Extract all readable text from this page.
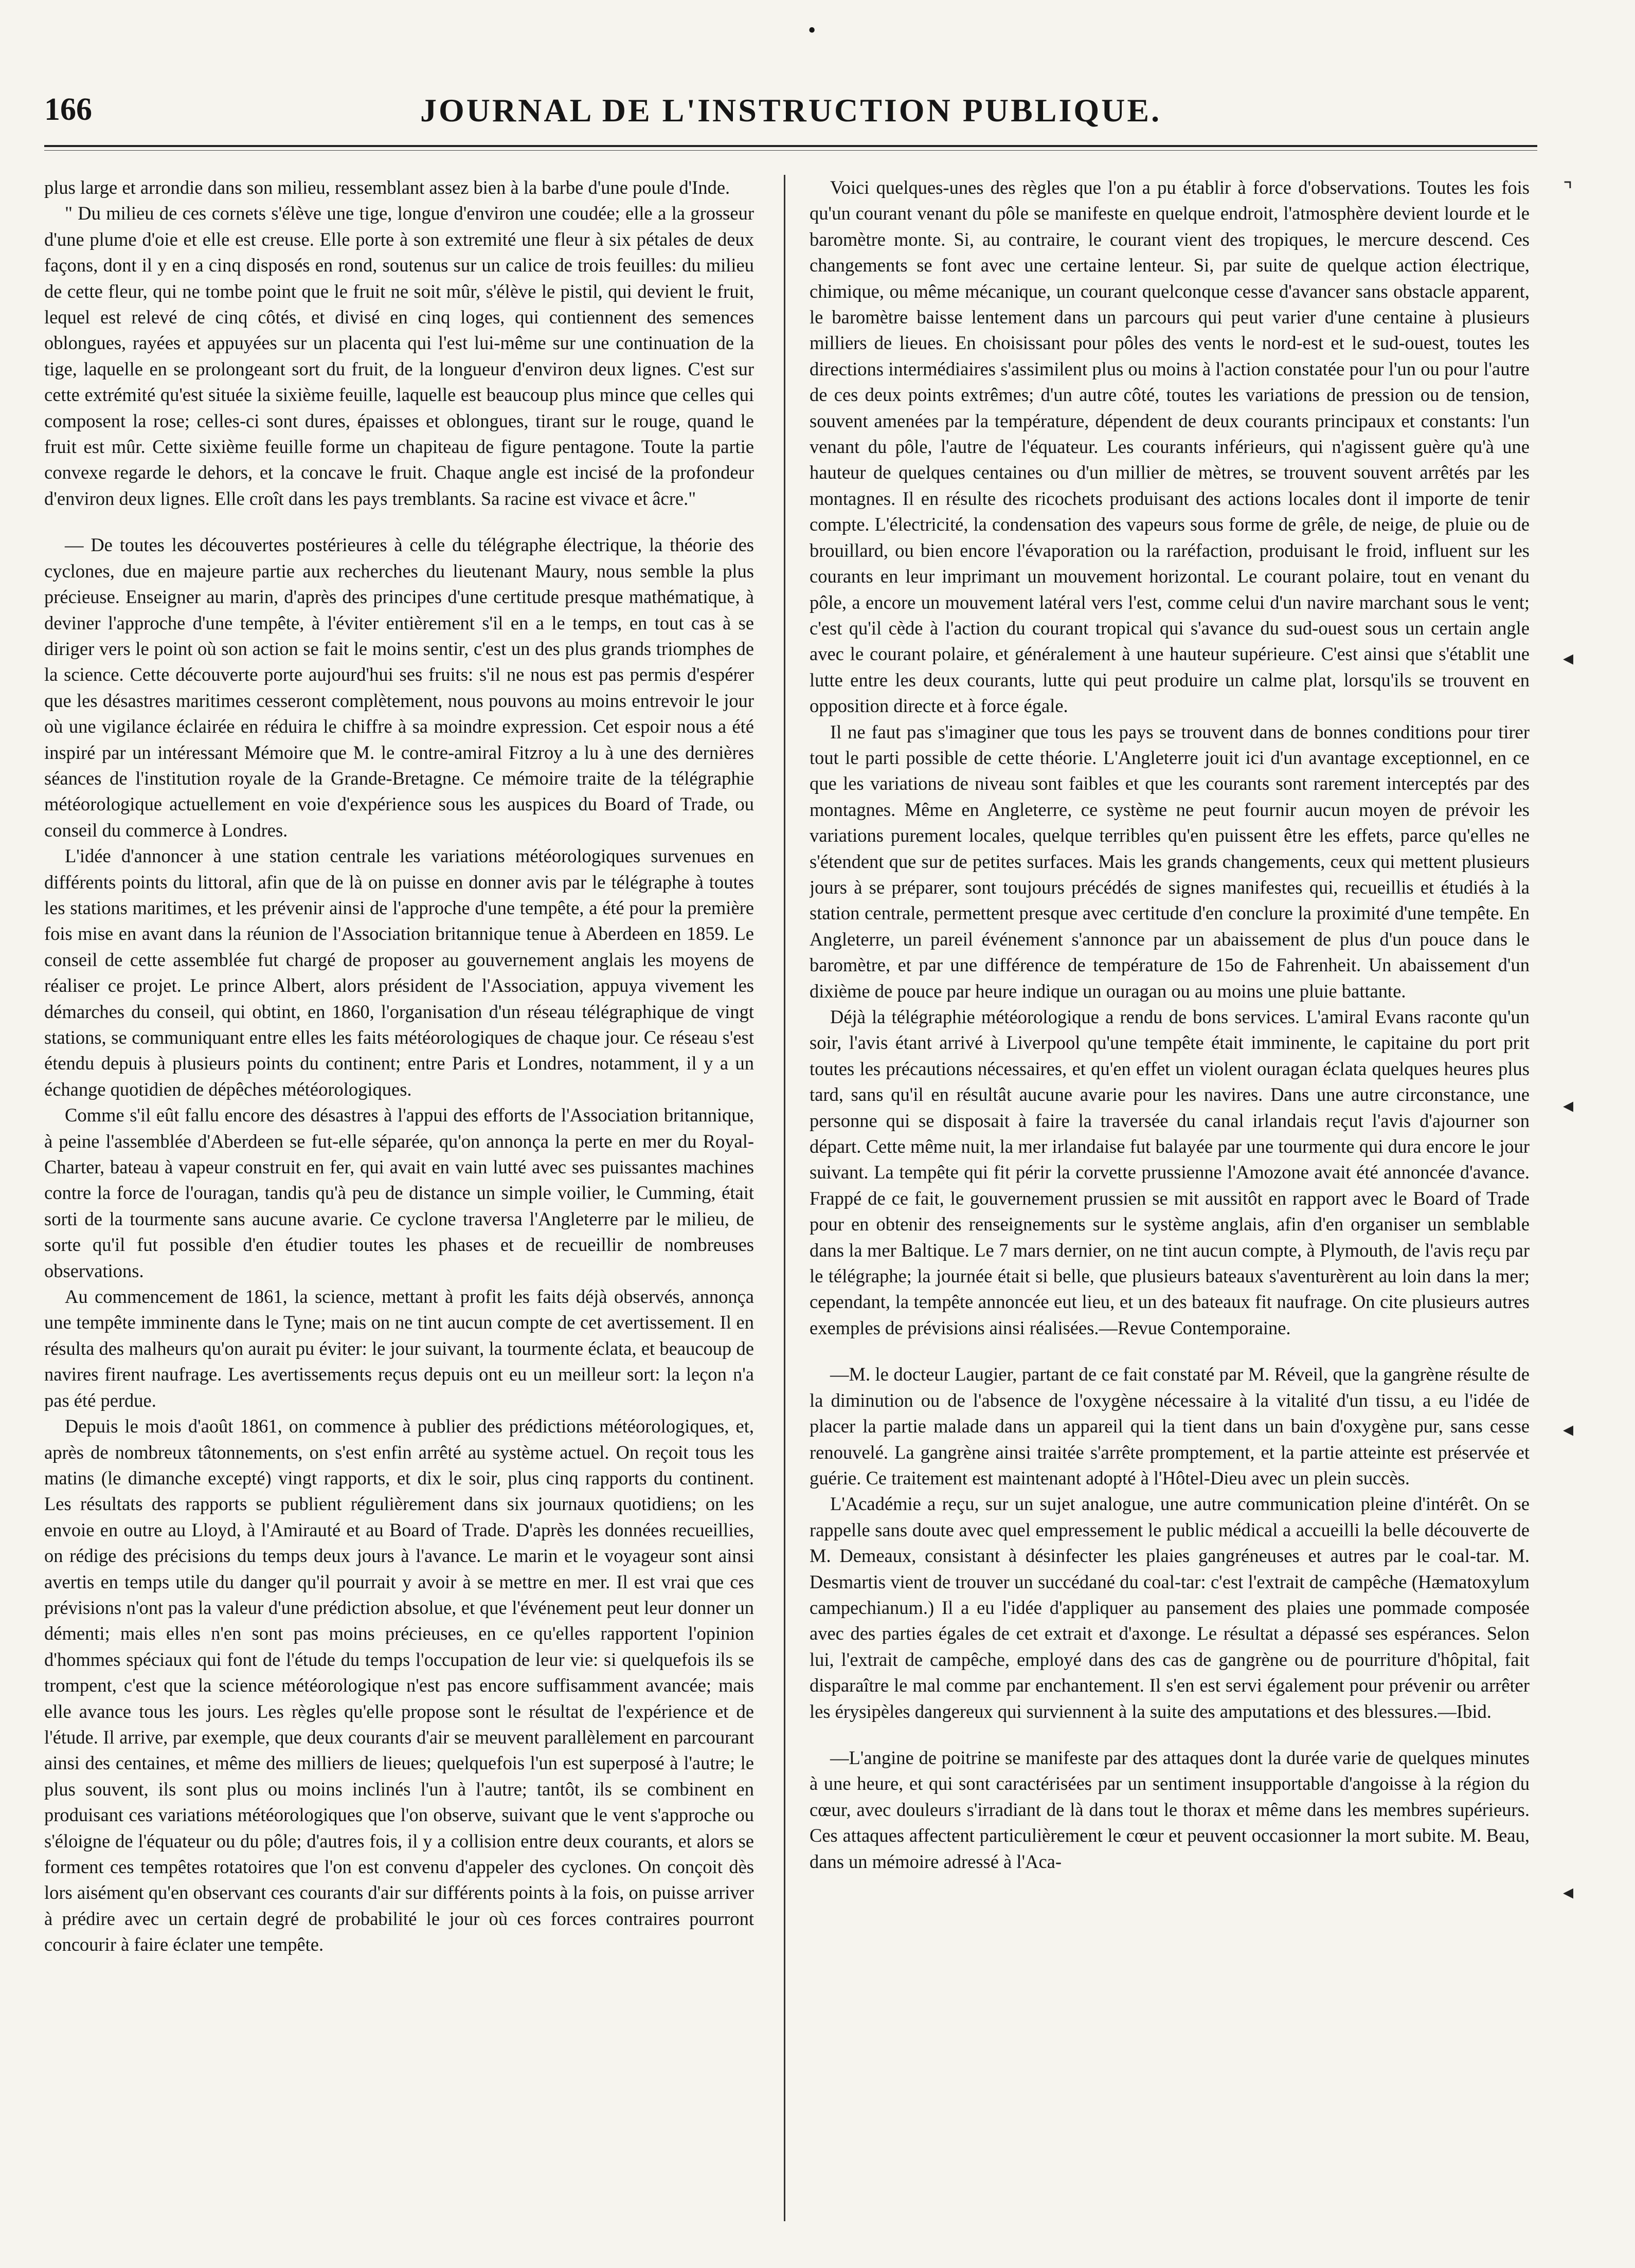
•
166	JOURNAL DE L'INSTRUCTION PUBLIQUE.

plus large et arrondie dans son milieu, ressemblant assez bien à la barbe d'une poule d'Inde.

" Du milieu de ces cornets s'élève une tige, longue d'environ une coudée; elle a la grosseur d'une plume d'oie et elle est creuse. Elle porte à son extremité une fleur à six pétales de deux façons, dont il y en a cinq disposés en rond, soutenus sur un calice de trois feuilles: du milieu de cette fleur, qui ne tombe point que le fruit ne soit mûr, s'élève le pistil, qui devient le fruit, lequel est relevé de cinq côtés, et divisé en cinq loges, qui contiennent des semences oblongues, rayées et appuyées sur un placenta qui l'est lui-même sur une continuation de la tige, laquelle en se prolongeant sort du fruit, de la longueur d'environ deux lignes. C'est sur cette extrémité qu'est située la sixième feuille, laquelle est beaucoup plus mince que celles qui composent la rose; celles-ci sont dures, épaisses et oblongues, tirant sur le rouge, quand le fruit est mûr. Cette sixième feuille forme un chapiteau de figure pentagone. Toute la partie convexe regarde le dehors, et la concave le fruit. Chaque angle est incisé de la profondeur d'environ deux lignes. Elle croît dans les pays tremblants. Sa racine est vivace et âcre."

— De toutes les découvertes postérieures à celle du télégraphe électrique, la théorie des cyclones, due en majeure partie aux recherches du lieutenant Maury, nous semble la plus précieuse. Enseigner au marin, d'après des principes d'une certitude presque mathématique, à deviner l'approche d'une tempête, à l'éviter entièrement s'il en a le temps, en tout cas à se diriger vers le point où son action se fait le moins sentir, c'est un des plus grands triomphes de la science. Cette découverte porte aujourd'hui ses fruits: s'il ne nous est pas permis d'espérer que les désastres maritimes cesseront complètement, nous pouvons au moins entrevoir le jour où une vigilance éclairée en réduira le chiffre à sa moindre expression. Cet espoir nous a été inspiré par un intéressant Mémoire que M. le contre-amiral Fitzroy a lu à une des dernières séances de l'institution royale de la Grande-Bretagne. Ce mémoire traite de la télégraphie météorologique actuellement en voie d'expérience sous les auspices du Board of Trade, ou conseil du commerce à Londres.

L'idée d'annoncer à une station centrale les variations météorologiques survenues en différents points du littoral, afin que de là on puisse en donner avis par le télégraphe à toutes les stations maritimes, et les prévenir ainsi de l'approche d'une tempête, a été pour la première fois mise en avant dans la réunion de l'Association britannique tenue à Aberdeen en 1859. Le conseil de cette assemblée fut chargé de proposer au gouvernement anglais les moyens de réaliser ce projet. Le prince Albert, alors président de l'Association, appuya vivement les démarches du conseil, qui obtint, en 1860, l'organisation d'un réseau télégraphique de vingt stations, se communiquant entre elles les faits météorologiques de chaque jour. Ce réseau s'est étendu depuis à plusieurs points du continent; entre Paris et Londres, notamment, il y a un échange quotidien de dépêches météorologiques.

Comme s'il eût fallu encore des désastres à l'appui des efforts de l'Association britannique, à peine l'assemblée d'Aberdeen se fut-elle séparée, qu'on annonça la perte en mer du Royal-Charter, bateau à vapeur construit en fer, qui avait en vain lutté avec ses puissantes machines contre la force de l'ouragan, tandis qu'à peu de distance un simple voilier, le Cumming, était sorti de la tourmente sans aucune avarie. Ce cyclone traversa l'Angleterre par le milieu, de sorte qu'il fut possible d'en étudier toutes les phases et de recueillir de nombreuses observations.

Au commencement de 1861, la science, mettant à profit les faits déjà observés, annonça une tempête imminente dans le Tyne; mais on ne tint aucun compte de cet avertissement. Il en résulta des malheurs qu'on aurait pu éviter: le jour suivant, la tourmente éclata, et beaucoup de navires firent naufrage. Les avertissements reçus depuis ont eu un meilleur sort: la leçon n'a pas été perdue.

Depuis le mois d'août 1861, on commence à publier des prédictions météorologiques, et, après de nombreux tâtonnements, on s'est enfin arrêté au système actuel. On reçoit tous les matins (le dimanche excepté) vingt rapports, et dix le soir, plus cinq rapports du continent. Les résultats des rapports se publient régulièrement dans six journaux quotidiens; on les envoie en outre au Lloyd, à l'Amirauté et au Board of Trade. D'après les données recueillies, on rédige des précisions du temps deux jours à l'avance. Le marin et le voyageur sont ainsi avertis en temps utile du danger qu'il pourrait y avoir à se mettre en mer. Il est vrai que ces prévisions n'ont pas la valeur d'une prédiction absolue, et que l'événement peut leur donner un démenti; mais elles n'en sont pas moins précieuses, en ce qu'elles rapportent l'opinion d'hommes spéciaux qui font de l'étude du temps l'occupation de leur vie: si quelquefois ils se trompent, c'est que la science météorologique n'est pas encore suffisamment avancée; mais elle avance tous les jours. Les règles qu'elle propose sont le résultat de l'expérience et de l'étude. Il arrive, par exemple, que deux courants d'air se meuvent parallèlement en parcourant ainsi des centaines, et même des milliers de lieues; quelquefois l'un est superposé à l'autre; le plus souvent, ils sont plus ou moins inclinés l'un à l'autre; tantôt, ils se combinent en produisant ces variations météorologiques que l'on observe, suivant que le vent s'approche ou s'éloigne de l'équateur ou du pôle; d'autres fois, il y a collision entre deux courants, et alors se forment ces tempêtes rotatoires que l'on est convenu d'appeler des cyclones. On conçoit dès lors aisément qu'en observant ces courants d'air sur différents points à la fois, on puisse arriver à prédire avec un certain degré de probabilité le jour où ces forces contraires pourront concourir à faire éclater une tempête.

Voici quelques-unes des règles que l'on a pu établir à force d'observations. Toutes les fois qu'un courant venant du pôle se manifeste en quelque endroit, l'atmosphère devient lourde et le baromètre monte. Si, au contraire, le courant vient des tropiques, le mercure descend. Ces changements se font avec une certaine lenteur. Si, par suite de quelque action électrique, chimique, ou même mécanique, un courant quelconque cesse d'avancer sans obstacle apparent, le baromètre baisse lentement dans un parcours qui peut varier d'une centaine à plusieurs milliers de lieues. En choisissant pour pôles des vents le nord-est et le sud-ouest, toutes les directions intermédiaires s'assimilent plus ou moins à l'action constatée pour l'un ou pour l'autre de ces deux points extrêmes; d'un autre côté, toutes les variations de pression ou de tension, souvent amenées par la température, dépendent de deux courants principaux et constants: l'un venant du pôle, l'autre de l'équateur. Les courants inférieurs, qui n'agissent guère qu'à une hauteur de quelques centaines ou d'un millier de mètres, se trouvent souvent arrêtés par les montagnes. Il en résulte des ricochets produisant des actions locales dont il importe de tenir compte. L'électricité, la condensation des vapeurs sous forme de grêle, de neige, de pluie ou de brouillard, ou bien encore l'évaporation ou la raréfaction, produisant le froid, influent sur les courants en leur imprimant un mouvement horizontal. Le courant polaire, tout en venant du pôle, a encore un mouvement latéral vers l'est, comme celui d'un navire marchant sous le vent; c'est qu'il cède à l'action du courant tropical qui s'avance du sud-ouest sous un certain angle avec le courant polaire, et généralement à une hauteur supérieure. C'est ainsi que s'établit une lutte entre les deux courants, lutte qui peut produire un calme plat, lorsqu'ils se trouvent en opposition directe et à force égale.

Il ne faut pas s'imaginer que tous les pays se trouvent dans de bonnes conditions pour tirer tout le parti possible de cette théorie. L'Angleterre jouit ici d'un avantage exceptionnel, en ce que les variations de niveau sont faibles et que les courants sont rarement interceptés par des montagnes. Même en Angleterre, ce système ne peut fournir aucun moyen de prévoir les variations purement locales, quelque terribles qu'en puissent être les effets, parce qu'elles ne s'étendent que sur de petites surfaces. Mais les grands changements, ceux qui mettent plusieurs jours à se préparer, sont toujours précédés de signes manifestes qui, recueillis et étudiés à la station centrale, permettent presque avec certitude d'en conclure la proximité d'une tempête. En Angleterre, un pareil événement s'annonce par un abaissement de plus d'un pouce dans le baromètre, et par une différence de température de 15o de Fahrenheit. Un abaissement d'un dixième de pouce par heure indique un ouragan ou au moins une pluie battante.

Déjà la télégraphie météorologique a rendu de bons services. L'amiral Evans raconte qu'un soir, l'avis étant arrivé à Liverpool qu'une tempête était imminente, le capitaine du port prit toutes les précautions nécessaires, et qu'en effet un violent ouragan éclata quelques heures plus tard, sans qu'il en résultât aucune avarie pour les navires. Dans une autre circonstance, une personne qui se disposait à faire la traversée du canal irlandais reçut l'avis d'ajourner son départ. Cette même nuit, la mer irlandaise fut balayée par une tourmente qui dura encore le jour suivant. La tempête qui fit périr la corvette prussienne l'Amozone avait été annoncée d'avance. Frappé de ce fait, le gouvernement prussien se mit aussitôt en rapport avec le Board of Trade pour en obtenir des renseignements sur le système anglais, afin d'en organiser un semblable dans la mer Baltique. Le 7 mars dernier, on ne tint aucun compte, à Plymouth, de l'avis reçu par le télégraphe; la journée était si belle, que plusieurs bateaux s'aventurèrent au loin dans la mer; cependant, la tempête annoncée eut lieu, et un des bateaux fit naufrage. On cite plusieurs autres exemples de prévisions ainsi réalisées.—Revue Contemporaine.

—M. le docteur Laugier, partant de ce fait constaté par M. Réveil, que la gangrène résulte de la diminution ou de l'absence de l'oxygène nécessaire à la vitalité d'un tissu, a eu l'idée de placer la partie malade dans un appareil qui la tient dans un bain d'oxygène pur, sans cesse renouvelé. La gangrène ainsi traitée s'arrête promptement, et la partie atteinte est préservée et guérie. Ce traitement est maintenant adopté à l'Hôtel-Dieu avec un plein succès.

L'Académie a reçu, sur un sujet analogue, une autre communication pleine d'intérêt. On se rappelle sans doute avec quel empressement le public médical a accueilli la belle découverte de M. Demeaux, consistant à désinfecter les plaies gangréneuses et autres par le coal-tar. M. Desmartis vient de trouver un succédané du coal-tar: c'est l'extrait de campêche (Hæmatoxylum campechianum.) Il a eu l'idée d'appliquer au pansement des plaies une pommade composée avec des parties égales de cet extrait et d'axonge. Le résultat a dépassé ses espérances. Selon lui, l'extrait de campêche, employé dans des cas de gangrène ou de pourriture d'hôpital, fait disparaître le mal comme par enchantement. Il s'en est servi également pour prévenir ou arrêter les érysipèles dangereux qui surviennent à la suite des amputations et des blessures.—Ibid.

—L'angine de poitrine se manifeste par des attaques dont la durée varie de quelques minutes à une heure, et qui sont caractérisées par un sentiment insupportable d'angoisse à la région du cœur, avec douleurs s'irradiant de là dans tout le thorax et même dans les membres supérieurs. Ces attaques affectent particulièrement le cœur et peuvent occasionner la mort subite. M. Beau, dans un mémoire adressé à l'Aca-

⌝
◂
◂
◂
◂
